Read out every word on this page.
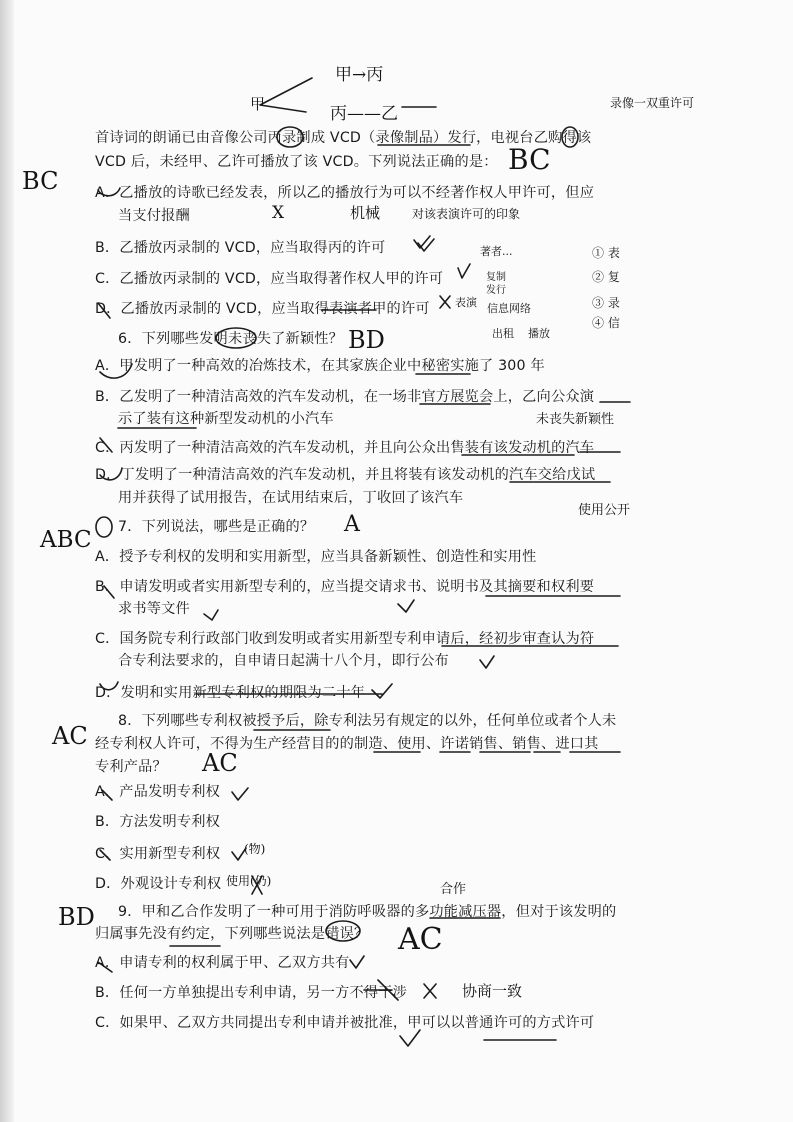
首诗词的朗诵已由音像公司丙录制成 VCD（录像制品）发行，电视台乙购得该
VCD 后，未经甲、乙许可播放了该 VCD。下列说法正确的是：
A．乙播放的诗歌已经发表，所以乙的播放行为可以不经著作权人甲许可，但应
当支付报酬
B．乙播放丙录制的 VCD，应当取得丙的许可
C．乙播放丙录制的 VCD，应当取得著作权人甲的许可
D．乙播放丙录制的 VCD，应当取得表演者甲的许可
6．下列哪些发明未丧失了新颖性？
A．甲发明了一种高效的冶炼技术，在其家族企业中秘密实施了 300 年
B．乙发明了一种清洁高效的汽车发动机，在一场非官方展览会上，乙向公众演
示了装有这种新型发动机的小汽车
C．丙发明了一种清洁高效的汽车发动机，并且向公众出售装有该发动机的汽车
D．丁发明了一种清洁高效的汽车发动机，并且将装有该发动机的汽车交给戊试
用并获得了试用报告，在试用结束后，丁收回了该汽车
7．下列说法，哪些是正确的？
A．授予专利权的发明和实用新型，应当具备新颖性、创造性和实用性
B．申请发明或者实用新型专利的，应当提交请求书、说明书及其摘要和权利要
求书等文件
C．国务院专利行政部门收到发明或者实用新型专利申请后，经初步审查认为符
合专利法要求的，自申请日起满十八个月，即行公布
D．发明和实用新型专利权的期限为二十年
8．下列哪些专利权被授予后，除专利法另有规定的以外，任何单位或者个人未
经专利权人许可，不得为生产经营目的的制造、使用、许诺销售、销售、进口其
专利产品？
A．产品发明专利权
B．方法发明专利权
C．实用新型专利权
D．外观设计专利权
9．甲和乙合作发明了一种可用于消防呼吸器的多功能减压器，但对于该发明的
归属事先没有约定，下列哪些说法是错误？
A．申请专利的权利属于甲、乙双方共有
B．任何一方单独提出专利申请，另一方不得干涉
C．如果甲、乙双方共同提出专利申请并被批准，甲可以以普通许可的方式许可
甲→丙
甲	丙——乙
录像一双重许可
BC
BC
X	机械	对该表演许可的印象
著者...
复制
发行
信息网络
出租 播放
表演
① 表
② 复
③ 录
④ 信
BD
未丧失新颖性
使用公开
A
ABC
AC
AC
(物)
使用(仍)
BD
合作
AC
协商一致
